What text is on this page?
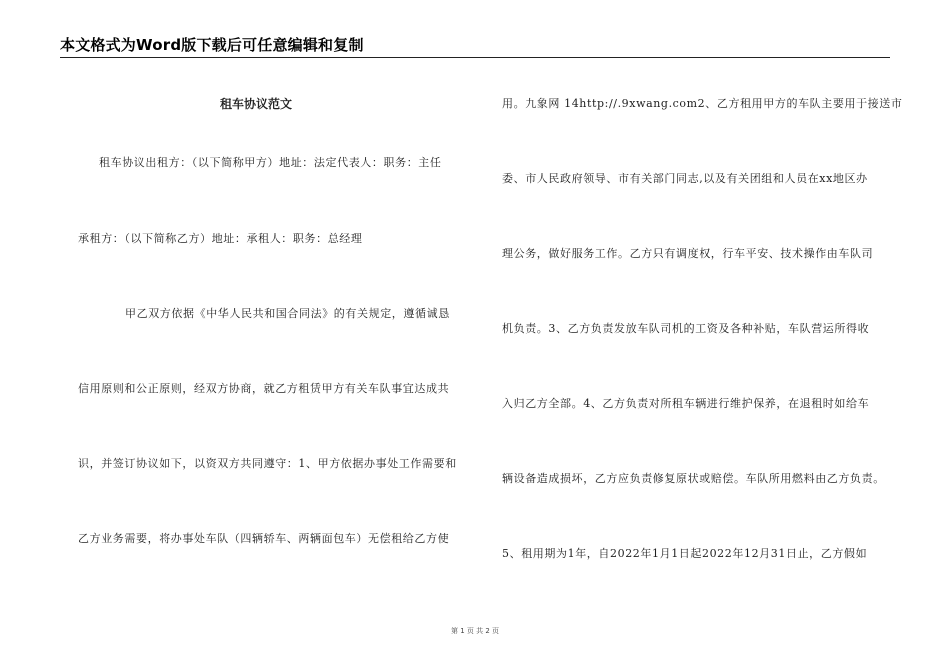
本文格式为Word版下载后可任意编辑和复制
租车协议范文
租车协议出租方：（以下简称甲方）地址：法定代表人：职务：主任
承租方：（以下简称乙方）地址：承租人：职务：总经理
甲乙双方依据《中华人民共和国合同法》的有关规定，遵循诚恳
信用原则和公正原则，经双方协商，就乙方租赁甲方有关车队事宜达成共
识，并签订协议如下，以资双方共同遵守：1、甲方依据办事处工作需要和
乙方业务需要，将办事处车队（四辆轿车、两辆面包车）无偿租给乙方使
用。九象网 14http://.9xwang.com2、乙方租用甲方的车队主要用于接送市
委、市人民政府领导、市有关部门同志,以及有关团组和人员在xx地区办
理公务，做好服务工作。乙方只有调度权，行车平安、技术操作由车队司
机负责。3、乙方负责发放车队司机的工资及各种补贴，车队营运所得收
入归乙方全部。4、乙方负责对所租车辆进行维护保养，在退租时如给车
辆设备造成损坏，乙方应负责修复原状或赔偿。车队所用燃料由乙方负责。
5、租用期为1年，自2022年1月1日起2022年12月31日止，乙方假如
第 1 页 共 2 页
